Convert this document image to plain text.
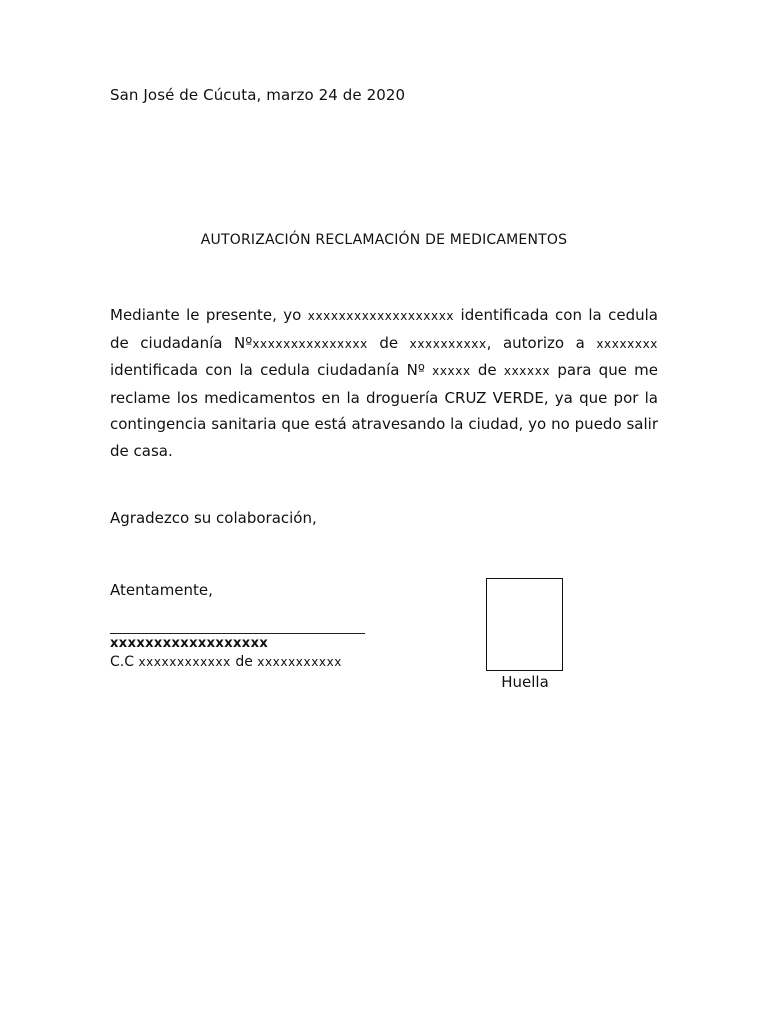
San José de Cúcuta, marzo 24 de 2020
AUTORIZACIÓN RECLAMACIÓN DE MEDICAMENTOS

Mediante le presente, yo xxxxxxxxxxxxxxxxxxx identificada con la cedula de ciudadanía Nºxxxxxxxxxxxxxxx de xxxxxxxxxx, autorizo a xxxxxxxx identificada con la cedula ciudadanía Nº xxxxx de xxxxxx para que me reclame los medicamentos en la droguería CRUZ VERDE, ya que por la contingencia sanitaria que está atravesando la ciudad, yo no puedo salir de casa.

Agradezco su colaboración,
Atentamente,
xxxxxxxxxxxxxxxxxx
C.C xxxxxxxxxxxx de xxxxxxxxxxx
Huella
